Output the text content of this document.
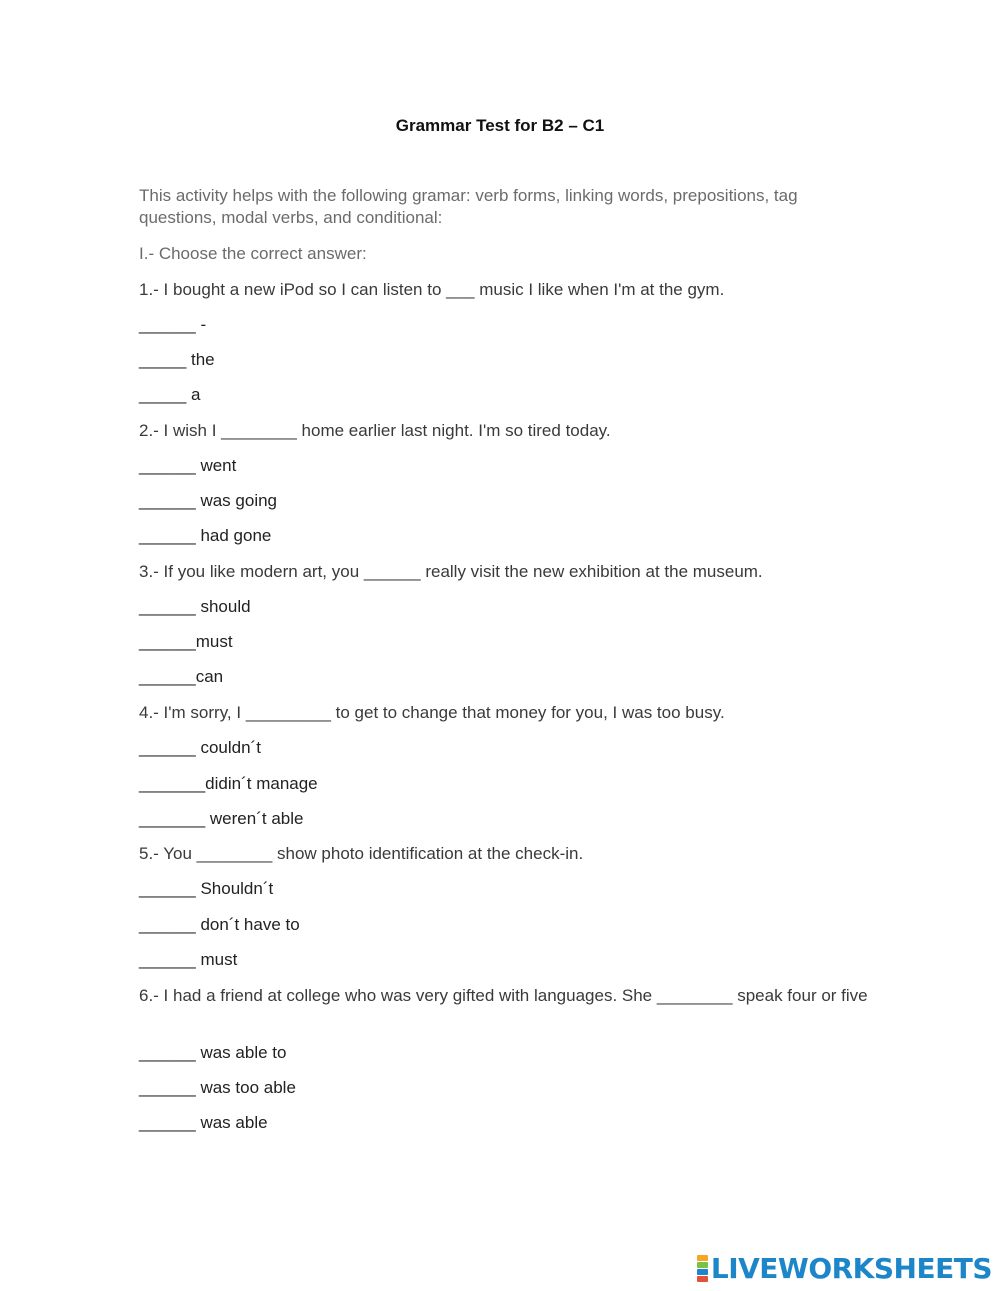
Grammar Test for B2 – C1
This activity helps with the following gramar: verb forms, linking words, prepositions, tag questions, modal verbs, and conditional:
I.- Choose the correct answer:
1.- I bought a new iPod so I can listen to ___ music I like when I'm at the gym.
______ -
_____ the
_____ a
2.- I wish I ________ home earlier last night. I'm so tired today.
______ went
______ was going
______ had gone
3.- If you like modern art, you ______ really visit the new exhibition at the museum.
______ should
______must
______can
4.- I'm sorry, I _________ to get to change that money for you, I was too busy.
______ couldn´t
_______didin´t manage
_______ weren´t able
5.- You ________ show photo identification at the check-in.
______ Shouldn´t
______ don´t have to
______ must
6.- I had a friend at college who was very gifted with languages. She ________ speak four or five
______ was able to
______ was too able
______ was able
LIVEWORKSHEETS
